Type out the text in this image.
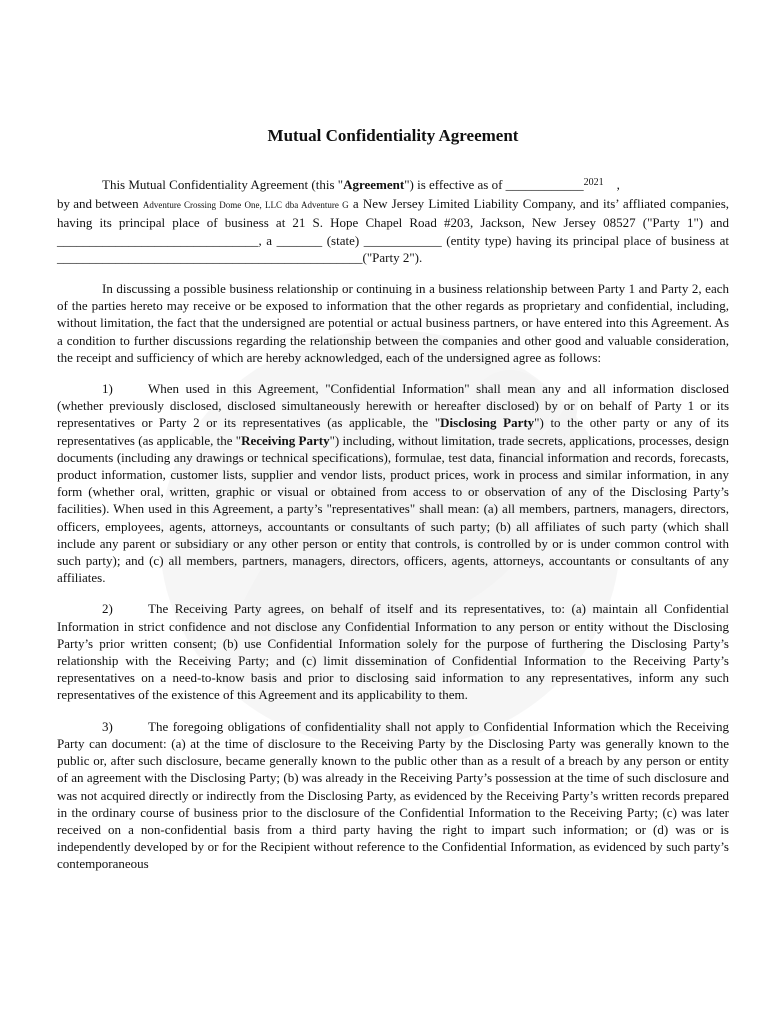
Mutual Confidentiality Agreement

This Mutual Confidentiality Agreement (this "Agreement") is effective as of ____________$^{2021}$ ,
by and between Adventure Crossing Dome One, LLC dba Adventure G a New Jersey Limited Liability Company, and its’ affliated companies, having its principal place of business at 21 S. Hope Chapel Road #203, Jackson, New Jersey 08527 ("Party 1") and _______________________________, a _______ (state) ____________ (entity type) having its principal place of business at _______________________________________________("Party 2").

In discussing a possible business relationship or continuing in a business relationship between Party 1 and Party 2, each of the parties hereto may receive or be exposed to information that the other regards as proprietary and confidential, including, without limitation, the fact that the undersigned are potential or actual business partners, or have entered into this Agreement. As a condition to further discussions regarding the relationship between the companies and other good and valuable consideration, the receipt and sufficiency of which are hereby acknowledged, each of the undersigned agree as follows:

1)	When used in this Agreement, "Confidential Information" shall mean any and all information disclosed (whether previously disclosed, disclosed simultaneously herewith or hereafter disclosed) by or on behalf of Party 1 or its representatives or Party 2 or its representatives (as applicable, the "Disclosing Party") to the other party or any of its representatives (as applicable, the "Receiving Party") including, without limitation, trade secrets, applications, processes, design documents (including any drawings or technical specifications), formulae, test data, financial information and records, forecasts, product information, customer lists, supplier and vendor lists, product prices, work in process and similar information, in any form (whether oral, written, graphic or visual or obtained from access to or observation of any of the Disclosing Party’s facilities). When used in this Agreement, a party’s "representatives" shall mean: (a) all members, partners, managers, directors, officers, employees, agents, attorneys, accountants or consultants of such party; (b) all affiliates of such party (which shall include any parent or subsidiary or any other person or entity that controls, is controlled by or is under common control with such party); and (c) all members, partners, managers, directors, officers, agents, attorneys, accountants or consultants of any affiliates.

2)	The Receiving Party agrees, on behalf of itself and its representatives, to: (a) maintain all Confidential Information in strict confidence and not disclose any Confidential Information to any person or entity without the Disclosing Party’s prior written consent; (b) use Confidential Information solely for the purpose of furthering the Disclosing Party’s relationship with the Receiving Party; and (c) limit dissemination of Confidential Information to the Receiving Party’s representatives on a need-to-know basis and prior to disclosing said information to any representatives, inform any such representatives of the existence of this Agreement and its applicability to them.

3)	The foregoing obligations of confidentiality shall not apply to Confidential Information which the Receiving Party can document: (a) at the time of disclosure to the Receiving Party by the Disclosing Party was generally known to the public or, after such disclosure, became generally known to the public other than as a result of a breach by any person or entity of an agreement with the Disclosing Party; (b) was already in the Receiving Party’s possession at the time of such disclosure and was not acquired directly or indirectly from the Disclosing Party, as evidenced by the Receiving Party’s written records prepared in the ordinary course of business prior to the disclosure of the Confidential Information to the Receiving Party; (c) was later received on a non-confidential basis from a third party having the right to impart such information; or (d) was or is independently developed by or for the Recipient without reference to the Confidential Information, as evidenced by such party’s contemporaneous
